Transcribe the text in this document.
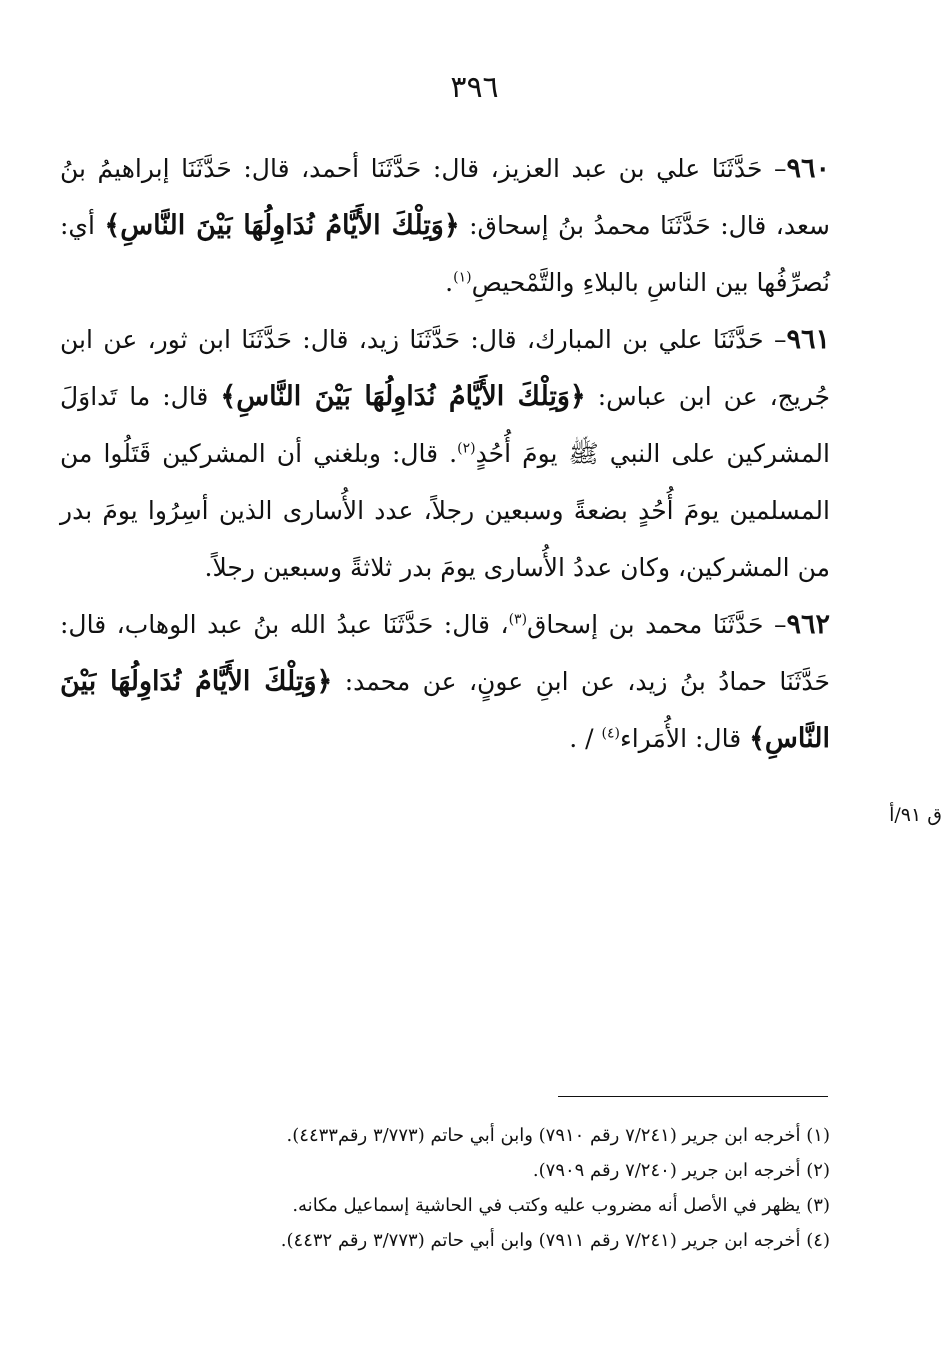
٣٩٦

٩٦٠– حَدَّثَنَا علي بن عبد العزيز، قال: حَدَّثَنَا أحمد، قال: حَدَّثَنَا إبراهيمُ بنُ سعد، قال: حَدَّثَنَا محمدُ بنُ إسحاق: ﴿وَتِلْكَ الأَيَّامُ نُدَاوِلُهَا بَيْنَ النَّاسِ﴾ أي: نُصرِّفُها بين الناسِ بالبلاءِ والتَّمْحيصِ$^{(١)}$.

٩٦١– حَدَّثَنَا علي بن المبارك، قال: حَدَّثَنَا زيد، قال: حَدَّثَنَا ابن ثور، عن ابن جُريج، عن ابن عباس: ﴿وَتِلْكَ الأَيَّامُ نُدَاوِلُهَا بَيْنَ النَّاسِ﴾ قال: ما تَداوَلَ المشركين على النبي ﷺ يومَ أُحُدٍ$^{(٢)}$. قال: وبلغني أن المشركين قَتَلُوا من المسلمين يومَ أُحُدٍ بضعةً وسبعين رجلاً، عدد الأُسارى الذين أسِرُوا يومَ بدر من المشركين، وكان عددُ الأُسارى يومَ بدر ثلاثةً وسبعين رجلاً.

٩٦٢– حَدَّثَنَا محمد بن إسحاق$^{(٣)}$، قال: حَدَّثَنَا عبدُ الله بنُ عبد الوهاب، قال: حَدَّثَنَا حمادُ بنُ زيد، عن ابنِ عونٍ، عن محمد: ﴿وَتِلْكَ الأَيَّامُ نُدَاوِلُهَا بَيْنَ النَّاسِ﴾ قال: الأُمَراء$^{(٤)}$ / .

ق ٩١/أ

(١) أخرجه ابن جرير (٧/٢٤١ رقم ٧٩١٠) وابن أبي حاتم (٣/٧٧٣ رقم٤٤٣٣).

(٢) أخرجه ابن جرير (٧/٢٤٠ رقم ٧٩٠٩).

(٣) يظهر في الأصل أنه مضروب عليه وكتب في الحاشية إسماعيل مكانه.

(٤) أخرجه ابن جرير (٧/٢٤١ رقم ٧٩١١) وابن أبي حاتم (٣/٧٧٣ رقم ٤٤٣٢).
